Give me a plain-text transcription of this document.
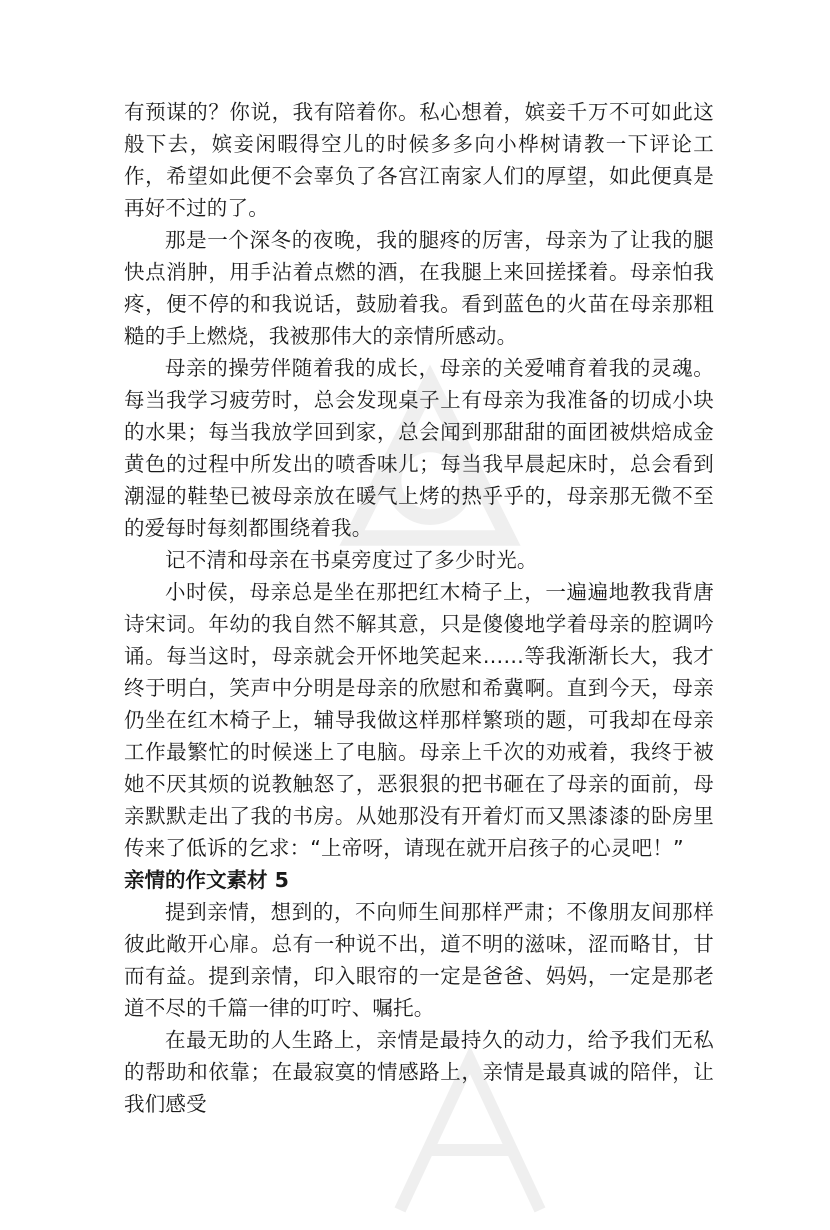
有预谋的？你说，我有陪着你。私心想着，嫔妾千万不可如此这般下去，嫔妾闲暇得空儿的时候多多向小桦树请教一下评论工作，希望如此便不会辜负了各宫江南家人们的厚望，如此便真是再好不过的了。

那是一个深冬的夜晚，我的腿疼的厉害，母亲为了让我的腿快点消肿，用手沾着点燃的酒，在我腿上来回搓揉着。母亲怕我疼，便不停的和我说话，鼓励着我。看到蓝色的火苗在母亲那粗糙的手上燃烧，我被那伟大的亲情所感动。

母亲的操劳伴随着我的成长，母亲的关爱哺育着我的灵魂。每当我学习疲劳时，总会发现桌子上有母亲为我准备的切成小块的水果；每当我放学回到家，总会闻到那甜甜的面团被烘焙成金黄色的过程中所发出的喷香味儿；每当我早晨起床时，总会看到潮湿的鞋垫已被母亲放在暖气上烤的热乎乎的，母亲那无微不至的爱每时每刻都围绕着我。

记不清和母亲在书桌旁度过了多少时光。

小时侯，母亲总是坐在那把红木椅子上，一遍遍地教我背唐诗宋词。年幼的我自然不解其意，只是傻傻地学着母亲的腔调吟诵。每当这时，母亲就会开怀地笑起来……等我渐渐长大，我才终于明白，笑声中分明是母亲的欣慰和希冀啊。直到今天，母亲仍坐在红木椅子上，辅导我做这样那样繁琐的题，可我却在母亲工作最繁忙的时候迷上了电脑。母亲上千次的劝戒着，我终于被她不厌其烦的说教触怒了，恶狠狠的把书砸在了母亲的面前，母亲默默走出了我的书房。从她那没有开着灯而又黑漆漆的卧房里传来了低诉的乞求：“上帝呀，请现在就开启孩子的心灵吧！”

亲情的作文素材 5

提到亲情，想到的，不向师生间那样严肃；不像朋友间那样彼此敞开心扉。总有一种说不出，道不明的滋味，涩而略甘，甘而有益。提到亲情，印入眼帘的一定是爸爸、妈妈，一定是那老道不尽的千篇一律的叮咛、嘱托。

在最无助的人生路上，亲情是最持久的动力，给予我们无私的帮助和依靠；在最寂寞的情感路上，亲情是最真诚的陪伴，让我们感受
